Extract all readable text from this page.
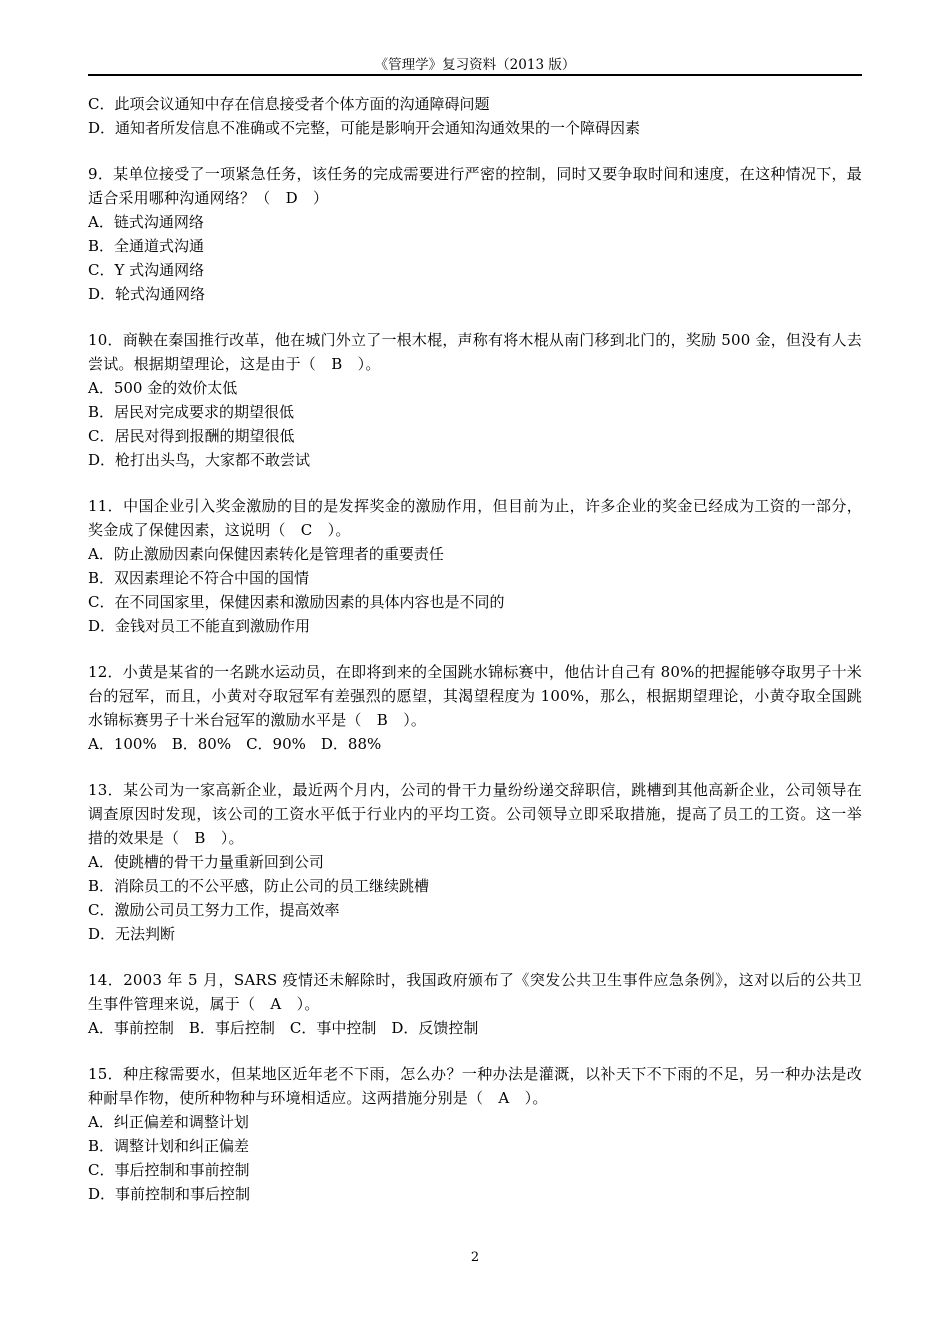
《管理学》复习资料（2013 版）
C．此项会议通知中存在信息接受者个体方面的沟通障碍问题
D．通知者所发信息不准确或不完整，可能是影响开会通知沟通效果的一个障碍因素
9．某单位接受了一项紧急任务，该任务的完成需要进行严密的控制，同时又要争取时间和速度，在这种情况下，最适合采用哪种沟通网络？（　D　）
A．链式沟通网络
B．全通道式沟通
C．Y 式沟通网络
D．轮式沟通网络
10．商鞅在秦国推行改革，他在城门外立了一根木棍，声称有将木棍从南门移到北门的，奖励 500 金，但没有人去尝试。根据期望理论，这是由于（　B　）。
A．500 金的效价太低
B．居民对完成要求的期望很低
C．居民对得到报酬的期望很低
D．枪打出头鸟，大家都不敢尝试
11．中国企业引入奖金激励的目的是发挥奖金的激励作用，但目前为止，许多企业的奖金已经成为工资的一部分，奖金成了保健因素，这说明（　C　）。
A．防止激励因素向保健因素转化是管理者的重要责任
B．双因素理论不符合中国的国情
C．在不同国家里，保健因素和激励因素的具体内容也是不同的
D．金钱对员工不能直到激励作用
12．小黄是某省的一名跳水运动员，在即将到来的全国跳水锦标赛中，他估计自己有 80%的把握能够夺取男子十米台的冠军，而且，小黄对夺取冠军有差强烈的愿望，其渴望程度为 100%，那么，根据期望理论，小黄夺取全国跳水锦标赛男子十米台冠军的激励水平是（　B　）。
A．100%　B．80%　C．90%　D．88%
13．某公司为一家高新企业，最近两个月内，公司的骨干力量纷纷递交辞职信，跳槽到其他高新企业，公司领导在调查原因时发现，该公司的工资水平低于行业内的平均工资。公司领导立即采取措施，提高了员工的工资。这一举措的效果是（　B　）。
A．使跳槽的骨干力量重新回到公司
B．消除员工的不公平感，防止公司的员工继续跳槽
C．激励公司员工努力工作，提高效率
D．无法判断
14．2003 年 5 月，SARS 疫情还未解除时，我国政府颁布了《突发公共卫生事件应急条例》，这对以后的公共卫生事件管理来说，属于（　A　）。
A．事前控制　B．事后控制　C．事中控制　D．反馈控制
15．种庄稼需要水，但某地区近年老不下雨，怎么办？一种办法是灌溉，以补天下不下雨的不足，另一种办法是改种耐旱作物，使所种物种与环境相适应。这两措施分别是（　A　）。
A．纠正偏差和调整计划
B．调整计划和纠正偏差
C．事后控制和事前控制
D．事前控制和事后控制
2
